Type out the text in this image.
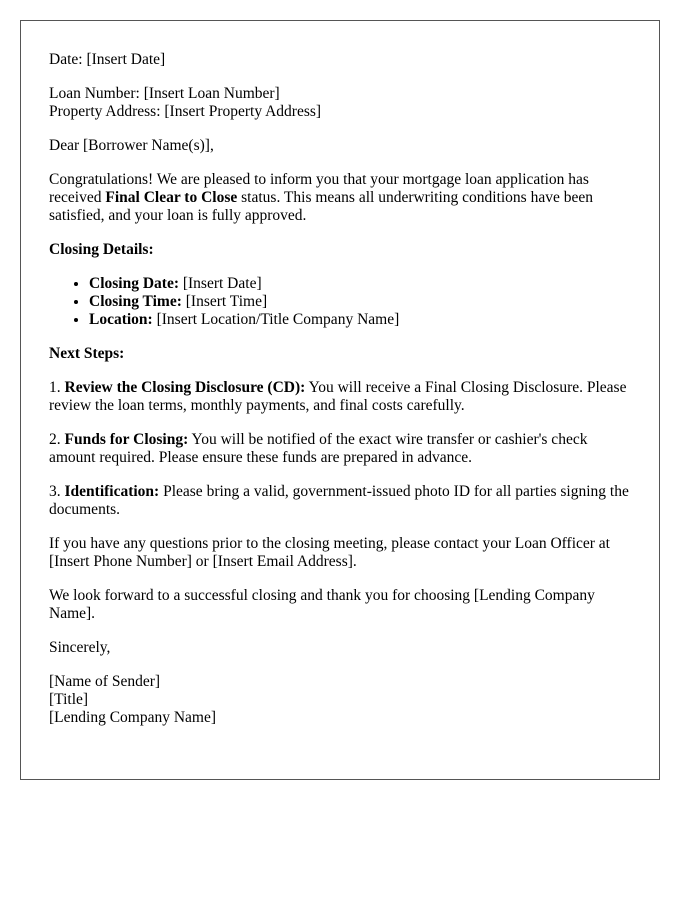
Date: [Insert Date]

Loan Number: [Insert Loan Number]
Property Address: [Insert Property Address]

Dear [Borrower Name(s)],

Congratulations! We are pleased to inform you that your mortgage loan application has received Final Clear to Close status. This means all underwriting conditions have been satisfied, and your loan is fully approved.

Closing Details:

• Closing Date: [Insert Date]
• Closing Time: [Insert Time]
• Location: [Insert Location/Title Company Name]

Next Steps:

1. Review the Closing Disclosure (CD): You will receive a Final Closing Disclosure. Please review the loan terms, monthly payments, and final costs carefully.

2. Funds for Closing: You will be notified of the exact wire transfer or cashier's check amount required. Please ensure these funds are prepared in advance.

3. Identification: Please bring a valid, government-issued photo ID for all parties signing the documents.

If you have any questions prior to the closing meeting, please contact your Loan Officer at [Insert Phone Number] or [Insert Email Address].

We look forward to a successful closing and thank you for choosing [Lending Company Name].

Sincerely,

[Name of Sender]
[Title]
[Lending Company Name]
